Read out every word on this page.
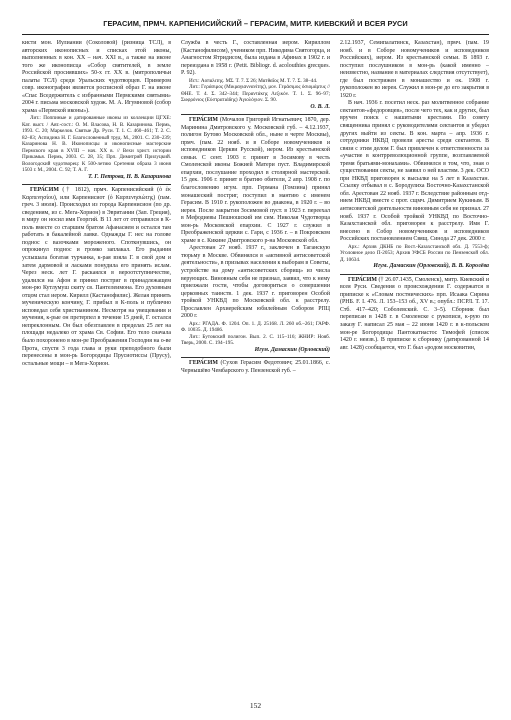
ГЕРАСИМ, ПРМЧ. КАРПЕНИСИЙСКИЙ – ГЕРАСИМ, МИТР. КИЕВСКИЙ И ВСЕЯ РУСИ

кисти мон. Иулиании (Соколовой) (ризница ТСЛ), в авторских иконописных и списках этой иконы, выполненных в кон. XX – нач. XXI в., а также на иконе того же иконописца «Собор святителей, в земле Российской просиявших» 50-х гг. XX в. (митрополичьи палаты ТСЛ) среди Уральских чудотворцев. Примером совр. иконографии является росписной образ Г. на иконе «Спас Вседержитель с избранными Пермскими святыми» 2004 г. письма московской худож. М. А. Игумновой (собор храма «Пермской иконы»).

Лит.: Поппиные и датированные иконы из коллекции ЦГХЕ: Кат. выст. / Авт.-сост.: О. М. Власова, Н. В. Казаринова. Пермь, 1993. С. 20; Маркелов. Святые Др. Руси. Т. 1. С. 460–461; Т. 2. С. 82–83; Аспидина Н. Г. Благословенный труд. М., 2001. С. 230–239; Казаринова Н. В. Иконописцы и иконописные мастерские Пермского края в XVIII – нач. XX в. // Вехи христ. истории Прикамья. Пермь, 2003. С. 28, 35; Прп. Димитрий Прилуцкий. Вологодский чудотворец: К 500-летию Сретения образа 3 июня 1503 г. М., 2004. С. 92; Т. А. Г.

Т. Г. Петрова, Н. В. Казаринова

ГЕРА́СИМ († 1812), прмч. Карпенисийский (ὁ ἐκ Καρπενησίου), или Карпенисиот (ὁ Καρπενησιώτης) (пам. греч. 3 июля). Происходил из города Карпенисион (по др. сведениям, из с. Мега-Хорион) в Эвритании (Зап. Греция), в миру он носил имя Георгий. В 11 лет от отправился в К-поль вместе со старшим братом Афанасием и остался там работать в бакалейной лавке. Однажды Г. нес на голове поднос с вазочками мороженого. Споткнувшись, он опрокинул поднос и громко заплакал. Его рыдания услышала богатая турчанка, к-рая взяла Г. в свой дом и затем дармовой и ласками понудила его принять ислам. Через неск. лет Г. раскаялся в вероотступничестве, удалился на Афон и принял постриг в принадлежащем мон-рю Кутлумуш скиту св. Пантелеимона. Его духовным отцом стал иером. Кирилл (Кастанофилис). Желая принять мученическую кончину, Г. прибыл в К-поль и публично исповедал себя христианином. Несмотря на увещевания и мучения, к-рые он претерпел в течение 15 дней, Г. остался непреклонным. Он был обезглавлен в пределах 25 лет на площади недалеко от храма Св. Софии. Его тело сначала было похоронено в мон-ре Преображения Господня на о-ве Прота, спустя 3 года глава и руки преподобного были перенесены в мон-рь Богородицы Прусиотиссы (Прусу), остальные мощи – в Мега-Хорион.

Служба в честь Г., составленная иером. Кириллом (Кастанофилисом), учеником прп. Никодима Святогорца, и Анагностом Ятридисом, была издана в Афинах в 1902 г. и переиздана в 1958 г. (Petit. Bibliogr. d. acolouthies grecques. P. 92).

Ист.: Αοπαλιτης. ΜΣ. Τ. 7. Σ 26; Ματθαῖος Μ. Τ. 7. Σ. 38–44.

Лит.: Γεράσιμος (Μικραγιαννανίτης), μον. Γεράσιμος ὁσιομάρτυς // ΘΗΕ. Τ. 4. Σ. 342–344; Περαντάκης Λεξικόν. Τ. 1. Σ. 96–97; Σωφρόνιος (Εὐστρατιάδης) Ἁγιολόγιον. Σ. 90.

О. В. Л.

ГЕРА́СИМ (Мочалов Григорий Игнатьевич; 1870, дер. Маринина Дмитровского у. Московской губ. – 4.12.1937, полигон Бутово Московской обл., ныне в черте Москвы), прмч. (пам. 22 нояб. и в Соборе новомучеников и исповедников Церкви Русской), иером. Из крестьянской семьи. С сент. 1903 г. принят в Зосимову в честь Смоленской иконы Божией Матери пуст. Владимирской епархии, послушание проходил в столярной мастерской. 15 дек. 1906 г. принят в братию обители, 2 апр. 1908 г. по благословению игум. прп. Германа (Гомзина) принял монашеский постриг, поступил в мантию с именем Герасим. В 1910 г. рукоположен во диакона, в 1920 г. – во иерея. После закрытия Зосимовой пуст. в 1923 г. переехал в Мефодиевы Пешношский им сим. Николая Чудотворца мон-рь Московской епархии. С 1927 г. служил в Преображенской церкви с. Гари, с 1936 г. – в Покровском храме в с. Кикине Дмитровского р-на Московской обл.

Арестован 27 нояб. 1937 г., заключен в Таганскую тюрьму в Москве. Обвинялся в «активной антисоветской деятельности», в призывах населения к выборам в Советы, устройстве на дому «антисоветских сборищ» из числа верующих. Виновным себя не признал, заявил, что к нему приезжали гости, чтобы договориться о совершении церковных таинств. 1 дек. 1937 г. приговорен Особой тройкой УНКВД по Московской обл. к расстрелу. Прославлен Архиерейским юбилейным Собором РПЦ 2000 г.

Арх.: РГАДА. Ф. 1204. Оп. 1. Д. 25168. Л. 260 об.–261; ГАРФ. Ф. 10035. Д. 19486.

Лит.: Бутовский полигон. Вып. 2. С. 115–116; ЖНИР: Нояб. Тверь, 2000. С. 194–195.

Игум. Дамаскин (Орловский)

ГЕРА́СИМ (Сухов Герасим Федотович; 25.01.1866, с. Чернышёво Чембарского у. Пензенской губ. –

2.12.1937, Семипалатинск, Казахстан), прмч. (пам. 19 нояб. и в Соборе новомучеников и исповедников Российских), иером. Из крестьянской семьи. В 1893 г. поступил послушником в мон-рь (какой именно – неизвестно, название в материалах следствия отсутствует), где был пострижен в монашество и ок. 1908 г. рукоположен во иерея. Служил в мон-ре до его закрытия в 1920 г.

В нач. 1936 г. посетил неск. раз молитвенное собрание сектантов-«федоровцев», после чего тех, как и других, был вручен поиск с нашитыми крестами. По совету священника принял с руководителями сектантов и убедил других выйти из секты. В кон. марта – апр. 1936 г. сотрудники НКВД провели аресты среди сектантов. В связи с этим делом Г. был привлечен к ответственности за «участие в контрреволюционной группе, возглавляемой тремя братьями-монахами». Обвинялся в том, что, зная о существовании секты, не заявил о ней властям. 3 дек. ОСО при НКВД приговорен к высылке на 5 лет в Казахстан. Ссылку отбывал в с. Бородулиха Восточно-Казахстанской обл. Арестован 22 нояб. 1937 г. Вследствие районным отд-нием НКВД вместе с прот. сщмч. Димитрием Кукиным. В антисоветской деятельности виновным себя не признал. 27 нояб. 1937 г. Особой тройкой УНКВД по Восточно-Казахстанской обл. приговорен к расстрелу. Имя Г. внесено в Собор новомучеников и исповедников Российских постановлением Свящ. Синода 27 дек. 2000 г.

Арх.: Архив ДКНБ по Вост.-Казахстанской обл. Д. 7553-ф; Уголовное дело П-2053; Архив УФСБ России по Пензенской обл. Д. 10634.

Игум. Дамаскин (Орловский), В. В. Королёва

ГЕРА́СИМ († 26.07.1435, Смоленск), митр. Киевский и всея Руси. Сведения о происхождении Г. содержатся в приписке к «Словам постнических» прп. Исаака Сирина (РНБ. F. I. 476. Л. 153–153 об., XV в.; опубл.: ПСРЛ. Т. 17. Стб. 417–420; Соболевский. С. 3–5). Сборник был переписан в 1428 г. в Смоленске с рукописи, к-рую по заказу Г. написал 25 мая – 22 июня 1420 г. в к-польском мон-ре Богородицы Пантокатиастос Тимофей (список 1420 г. неизв.). В приписке к сборнику (датированной 14 авг. 1428) сообщается, что Г. был «родом московитин,

152
